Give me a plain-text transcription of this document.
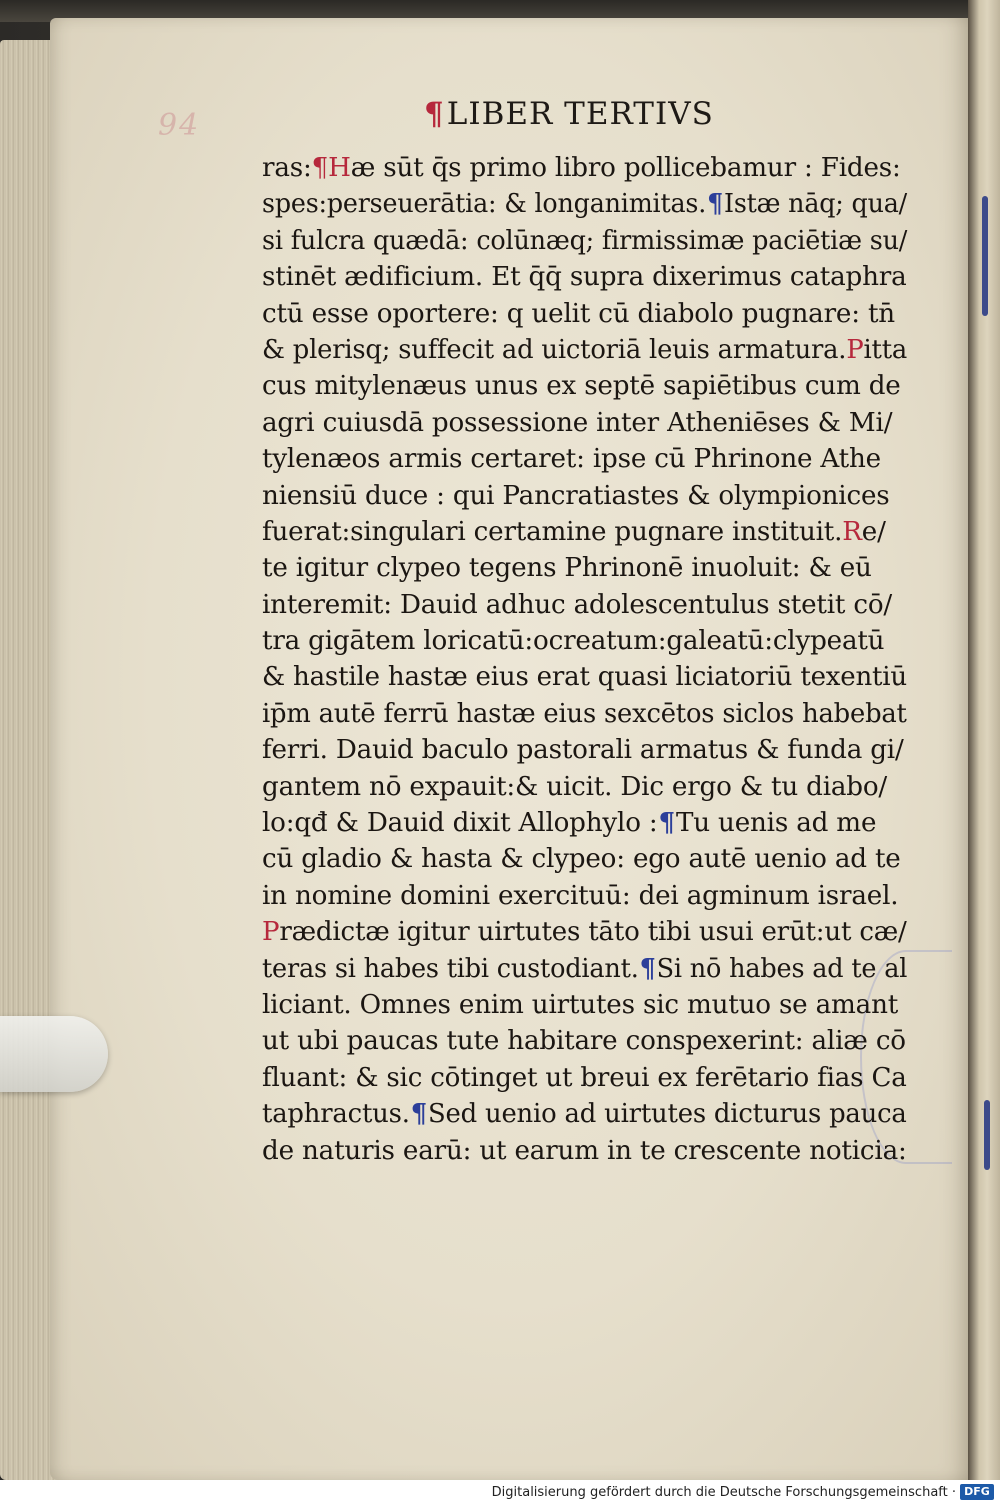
94	¶LIBER TERTIVS
ras:¶Hæ sūt q̄s primo libro pollicebamur : Fides:
spes:perseuerātia: & longanimitas.¶Istæ nāq; qua/
si fulcra quædā: colūnæq; firmissimæ paciētiæ su/
stinēt ædificium. Et q̄q̄ supra dixerimus cataphra
ctū esse oportere: q uelit cū diabolo pugnare: tn̄
& plerisq; suffecit ad uictoriā leuis armatura.Pitta
cus mitylenæus unus ex septē sapiētibus cum de
agri cuiusdā possessione inter Atheniēses & Mi/
tylenæos armis certaret: ipse cū Phrinone Athe
niensiū duce : qui Pancratiastes & olympionices
fuerat:singulari certamine pugnare instituit.Re/
te igitur clypeo tegens Phrinonē inuoluit: & eū
interemit: Dauid adhuc adolescentulus stetit cō/
tra gigātem loricatū:ocreatum:galeatū:clypeatū
& hastile hastæ eius erat quasi liciatoriū texentiū
ip̄m autē ferrū hastæ eius sexcētos siclos habebat
ferri. Dauid baculo pastorali armatus & funda gi/
gantem nō expauit:& uicit. Dic ergo & tu diabo/
lo:qđ & Dauid dixit Allophylo :¶Tu uenis ad me
cū gladio & hasta & clypeo: ego autē uenio ad te
in nomine domini exercituū: dei agminum israel.
Prædictæ igitur uirtutes tāto tibi usui erūt:ut cæ/
teras si habes tibi custodiant.¶Si nō habes ad te al
liciant. Omnes enim uirtutes sic mutuo se amant
ut ubi paucas tute habitare conspexerint: aliæ cō
fluant: & sic cōtinget ut breui ex ferētario fias Ca
taphractus.¶Sed uenio ad uirtutes dicturus pauca
de naturis earū: ut earum in te crescente noticia:
Digitalisierung gefördert durch die Deutsche Forschungsgemeinschaft · DFG
